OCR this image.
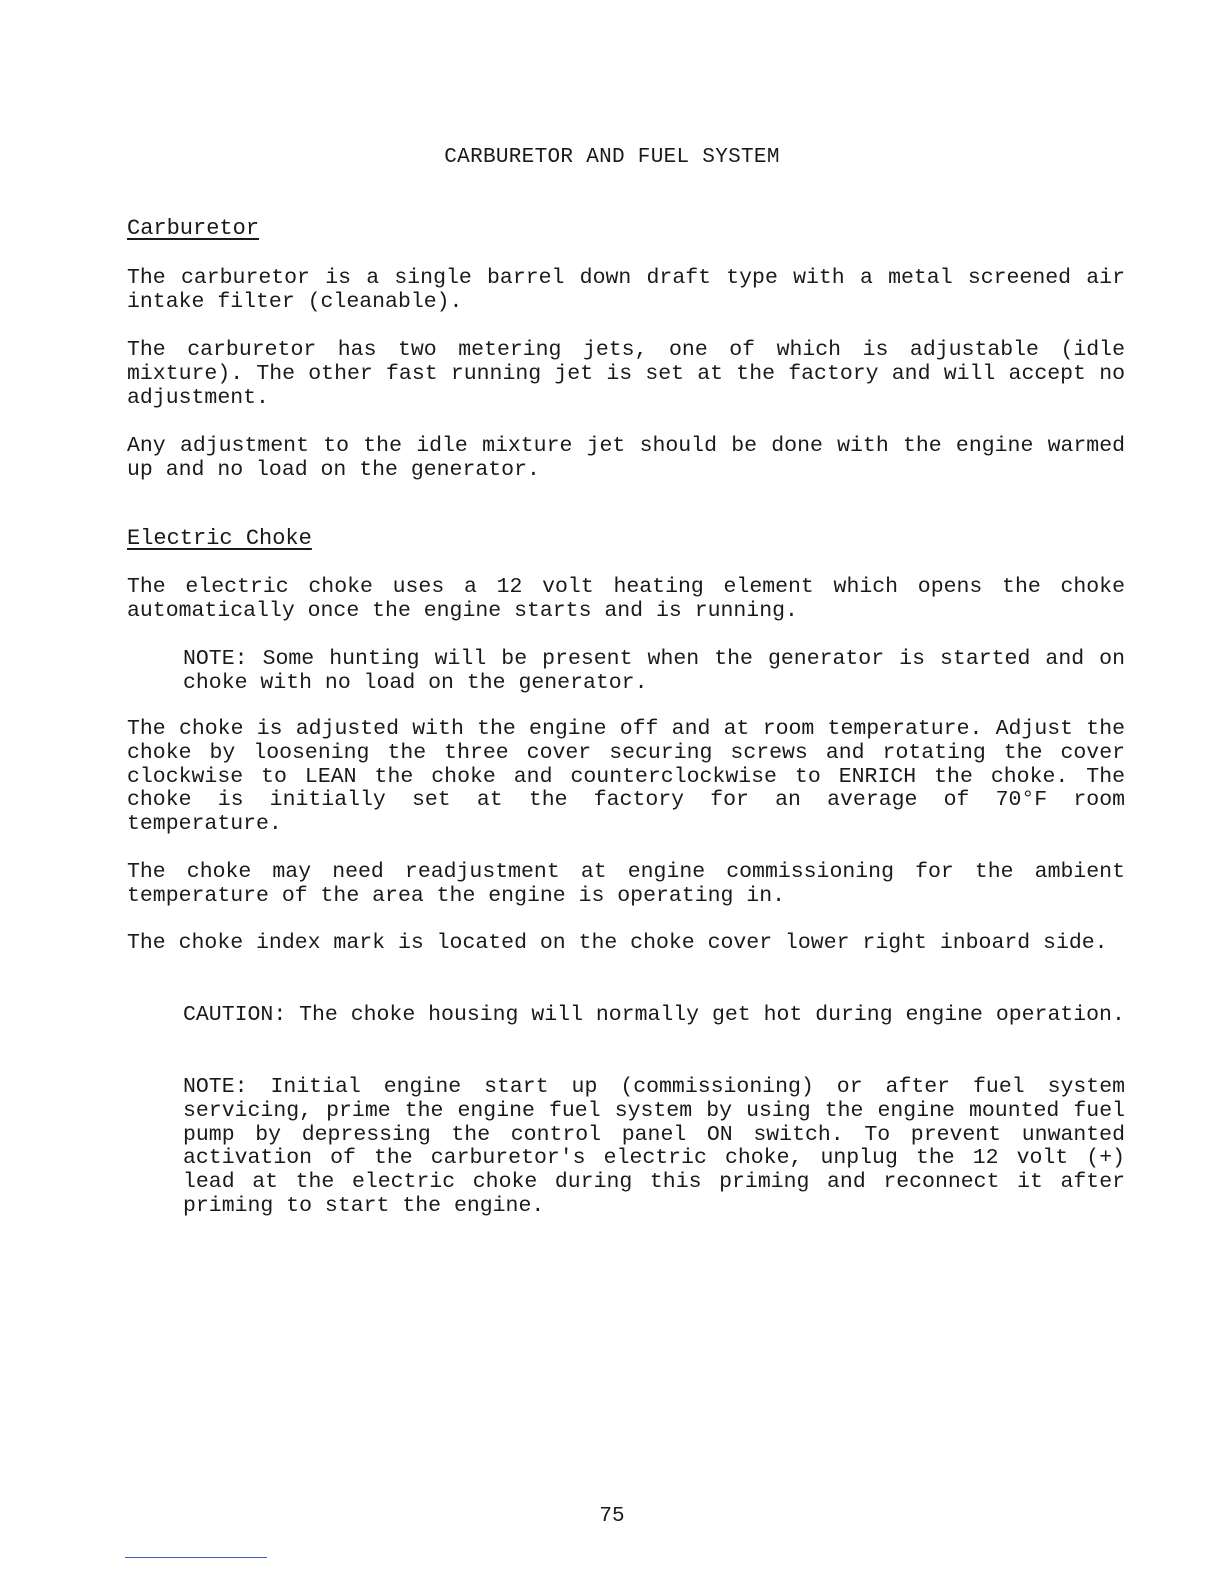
CARBURETOR AND FUEL SYSTEM
Carburetor

The carburetor is a single barrel down draft type with a metal screened air intake filter (cleanable).

The carburetor has two metering jets, one of which is adjustable (idle mixture). The other fast running jet is set at the factory and will accept no adjustment.

Any adjustment to the idle mixture jet should be done with the engine warmed up and no load on the generator.

Electric Choke

The electric choke uses a 12 volt heating element which opens the choke automatically once the engine starts and is running.

NOTE: Some hunting will be present when the generator is started and on choke with no load on the generator.

The choke is adjusted with the engine off and at room temperature. Adjust the choke by loosening the three cover securing screws and rotating the cover clockwise to LEAN the choke and counterclockwise to ENRICH the choke. The choke is initially set at the factory for an average of 70°F room temperature.

The choke may need readjustment at engine commissioning for the ambient temperature of the area the engine is operating in.

The choke index mark is located on the choke cover lower right inboard side.

CAUTION: The choke housing will normally get hot during engine operation.

NOTE: Initial engine start up (commissioning) or after fuel system servicing, prime the engine fuel system by using the engine mounted fuel pump by depressing the control panel ON switch. To prevent unwanted activation of the carburetor's electric choke, unplug the 12 volt (+) lead at the electric choke during this priming and reconnect it after priming to start the engine.

75
